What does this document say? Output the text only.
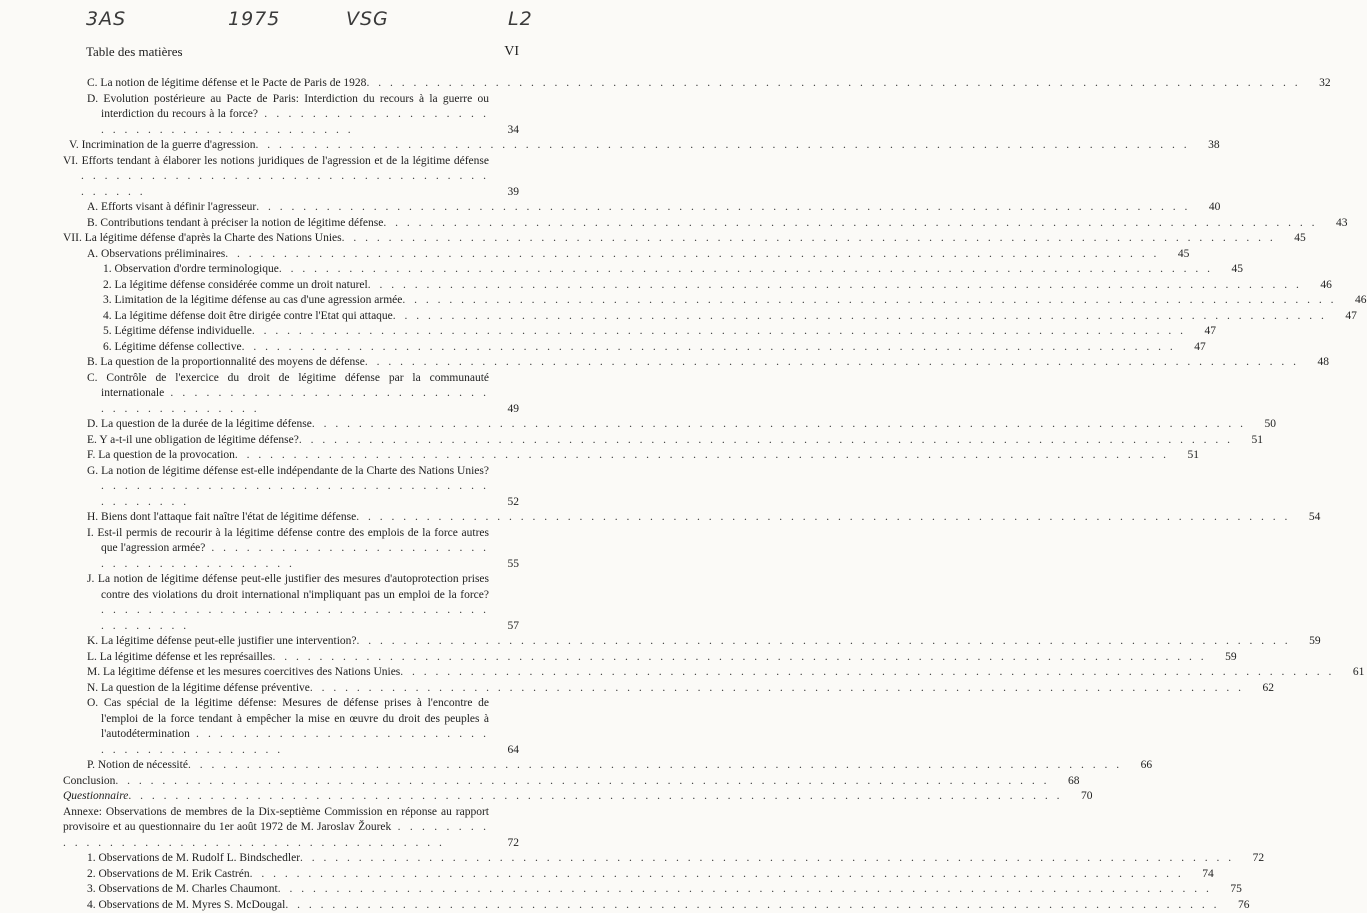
3AS	1975	VSG	L2
Table des matières	VI
C. La notion de légitime défense et le Pacte de Paris de 1928 . . . . . . . . . . . . . . . . . . . . . . . . . . . . . . . . . . . . . . . . . . . . . . . . . . . . . . . . . . . . . . . . . . . . . . . . . . . . . . . .	32
D. Evolution postérieure au Pacte de Paris: Interdiction du recours à la guerre ou interdiction du recours à la force? . . . . . . . . . . . . . . . . . . . . . . . . . . . . . . . . . . . . . . . . .	34
V. Incrimination de la guerre d'agression . . . . . . . . . . . . . . . . . . . . . . . . . . . . . . . . . . . . . . . . . . . . . . . . . . . . . . . . . . . . . . . . . . . . . . . . . . . . . . . .	38
VI. Efforts tendant à élaborer les notions juridiques de l'agression et de la légitime défense . . . . . . . . . . . . . . . . . . . . . . . . . . . . . . . . . . . . . . . . .	39
A. Efforts visant à définir l'agresseur . . . . . . . . . . . . . . . . . . . . . . . . . . . . . . . . . . . . . . . . . . . . . . . . . . . . . . . . . . . . . . . . . . . . . . . . . . . . . . . .	40
B. Contributions tendant à préciser la notion de légitime défense . . . . . . . . . . . . . . . . . . . . . . . . . . . . . . . . . . . . . . . . . . . . . . . . . . . . . . . . . . . . . . . . . . . . . . . . . . . . . . . .	43
VII. La légitime défense d'après la Charte des Nations Unies . . . . . . . . . . . . . . . . . . . . . . . . . . . . . . . . . . . . . . . . . . . . . . . . . . . . . . . . . . . . . . . . . . . . . . . . . . . . . . . .	45
A. Observations préliminaires . . . . . . . . . . . . . . . . . . . . . . . . . . . . . . . . . . . . . . . . . . . . . . . . . . . . . . . . . . . . . . . . . . . . . . . . . . . . . . . .	45
1. Observation d'ordre terminologique . . . . . . . . . . . . . . . . . . . . . . . . . . . . . . . . . . . . . . . . . . . . . . . . . . . . . . . . . . . . . . . . . . . . . . . . . . . . . . . .	45
2. La légitime défense considérée comme un droit naturel . . . . . . . . . . . . . . . . . . . . . . . . . . . . . . . . . . . . . . . . . . . . . . . . . . . . . . . . . . . . . . . . . . . . . . . . . . . . . . . .	46
3. Limitation de la légitime défense au cas d'une agression armée . . . . . . . . . . . . . . . . . . . . . . . . . . . . . . . . . . . . . . . . . . . . . . . . . . . . . . . . . . . . . . . . . . . . . . . . . . . . . . . .	46
4. La légitime défense doit être dirigée contre l'Etat qui attaque . . . . . . . . . . . . . . . . . . . . . . . . . . . . . . . . . . . . . . . . . . . . . . . . . . . . . . . . . . . . . . . . . . . . . . . . . . . . . . . .	47
5. Légitime défense individuelle . . . . . . . . . . . . . . . . . . . . . . . . . . . . . . . . . . . . . . . . . . . . . . . . . . . . . . . . . . . . . . . . . . . . . . . . . . . . . . . .	47
6. Légitime défense collective . . . . . . . . . . . . . . . . . . . . . . . . . . . . . . . . . . . . . . . . . . . . . . . . . . . . . . . . . . . . . . . . . . . . . . . . . . . . . . . .	47
B. La question de la proportionnalité des moyens de défense . . . . . . . . . . . . . . . . . . . . . . . . . . . . . . . . . . . . . . . . . . . . . . . . . . . . . . . . . . . . . . . . . . . . . . . . . . . . . . . .	48
C. Contrôle de l'exercice du droit de légitime défense par la communauté internationale . . . . . . . . . . . . . . . . . . . . . . . . . . . . . . . . . . . . . . . . .	49
D. La question de la durée de la légitime défense . . . . . . . . . . . . . . . . . . . . . . . . . . . . . . . . . . . . . . . . . . . . . . . . . . . . . . . . . . . . . . . . . . . . . . . . . . . . . . . .	50
E. Y a-t-il une obligation de légitime défense? . . . . . . . . . . . . . . . . . . . . . . . . . . . . . . . . . . . . . . . . . . . . . . . . . . . . . . . . . . . . . . . . . . . . . . . . . . . . . . . .	51
F. La question de la provocation . . . . . . . . . . . . . . . . . . . . . . . . . . . . . . . . . . . . . . . . . . . . . . . . . . . . . . . . . . . . . . . . . . . . . . . . . . . . . . . .	51
G. La notion de légitime défense est-elle indépendante de la Charte des Nations Unies? . . . . . . . . . . . . . . . . . . . . . . . . . . . . . . . . . . . . . . . . .	52
H. Biens dont l'attaque fait naître l'état de légitime défense . . . . . . . . . . . . . . . . . . . . . . . . . . . . . . . . . . . . . . . . . . . . . . . . . . . . . . . . . . . . . . . . . . . . . . . . . . . . . . . .	54
I. Est-il permis de recourir à la légitime défense contre des emplois de la force autres que l'agression armée? . . . . . . . . . . . . . . . . . . . . . . . . . . . . . . . . . . . . . . . . .	55
J. La notion de légitime défense peut-elle justifier des mesures d'autoprotection prises contre des violations du droit international n'impliquant pas un emploi de la force? . . . . . . . . . . . . . . . . . . . . . . . . . . . . . . . . . . . . . . . . .	57
K. La légitime défense peut-elle justifier une intervention? . . . . . . . . . . . . . . . . . . . . . . . . . . . . . . . . . . . . . . . . . . . . . . . . . . . . . . . . . . . . . . . . . . . . . . . . . . . . . . . .	59
L. La légitime défense et les représailles . . . . . . . . . . . . . . . . . . . . . . . . . . . . . . . . . . . . . . . . . . . . . . . . . . . . . . . . . . . . . . . . . . . . . . . . . . . . . . . .	59
M. La légitime défense et les mesures coercitives des Nations Unies . . . . . . . . . . . . . . . . . . . . . . . . . . . . . . . . . . . . . . . . . . . . . . . . . . . . . . . . . . . . . . . . . . . . . . . . . . . . . . . .	61
N. La question de la légitime défense préventive . . . . . . . . . . . . . . . . . . . . . . . . . . . . . . . . . . . . . . . . . . . . . . . . . . . . . . . . . . . . . . . . . . . . . . . . . . . . . . . .	62
O. Cas spécial de la légitime défense: Mesures de défense prises à l'encontre de l'emploi de la force tendant à empêcher la mise en œuvre du droit des peuples à l'autodétermination . . . . . . . . . . . . . . . . . . . . . . . . . . . . . . . . . . . . . . . . .	64
P. Notion de nécessité . . . . . . . . . . . . . . . . . . . . . . . . . . . . . . . . . . . . . . . . . . . . . . . . . . . . . . . . . . . . . . . . . . . . . . . . . . . . . . . .	66
Conclusion . . . . . . . . . . . . . . . . . . . . . . . . . . . . . . . . . . . . . . . . . . . . . . . . . . . . . . . . . . . . . . . . . . . . . . . . . . . . . . . .	68
Questionnaire . . . . . . . . . . . . . . . . . . . . . . . . . . . . . . . . . . . . . . . . . . . . . . . . . . . . . . . . . . . . . . . . . . . . . . . . . . . . . . . .	70
Annexe: Observations de membres de la Dix-septième Commission en réponse au rapport provisoire et au questionnaire du 1er août 1972 de M. Jaroslav Žourek . . . . . . . . . . . . . . . . . . . . . . . . . . . . . . . . . . . . . . . . .	72
1. Observations de M. Rudolf L. Bindschedler . . . . . . . . . . . . . . . . . . . . . . . . . . . . . . . . . . . . . . . . . . . . . . . . . . . . . . . . . . . . . . . . . . . . . . . . . . . . . . . .	72
2. Observations de M. Erik Castrén . . . . . . . . . . . . . . . . . . . . . . . . . . . . . . . . . . . . . . . . . . . . . . . . . . . . . . . . . . . . . . . . . . . . . . . . . . . . . . . .	74
3. Observations de M. Charles Chaumont . . . . . . . . . . . . . . . . . . . . . . . . . . . . . . . . . . . . . . . . . . . . . . . . . . . . . . . . . . . . . . . . . . . . . . . . . . . . . . . .	75
4. Observations de M. Myres S. McDougal . . . . . . . . . . . . . . . . . . . . . . . . . . . . . . . . . . . . . . . . . . . . . . . . . . . . . . . . . . . . . . . . . . . . . . . . . . . . . . . .	76
